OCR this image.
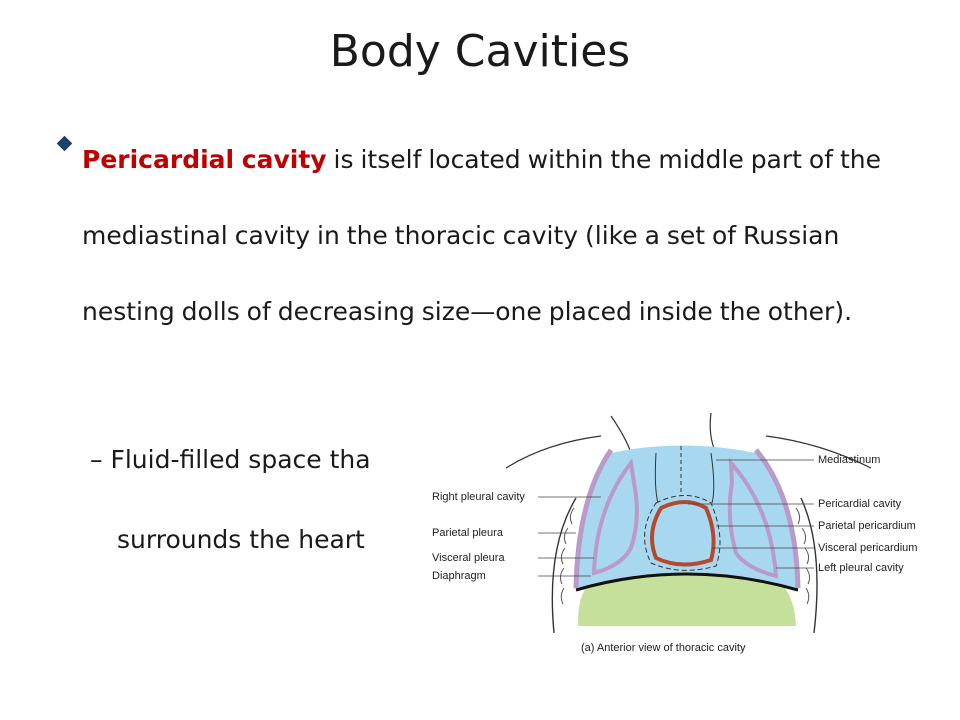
Body Cavities
Pericardial cavity is itself located within the middle part of the mediastinal cavity in the thoracic cavity (like a set of Russian nesting dolls of decreasing size—one placed inside the other).
– Fluid-filled space tha
surrounds the heart
Mediastinum
Right pleural cavity
Pericardial cavity
Parietal pleura
Parietal pericardium
Visceral pleura
Visceral pericardium
Diaphragm
Left pleural cavity
(a) Anterior view of thoracic cavity
